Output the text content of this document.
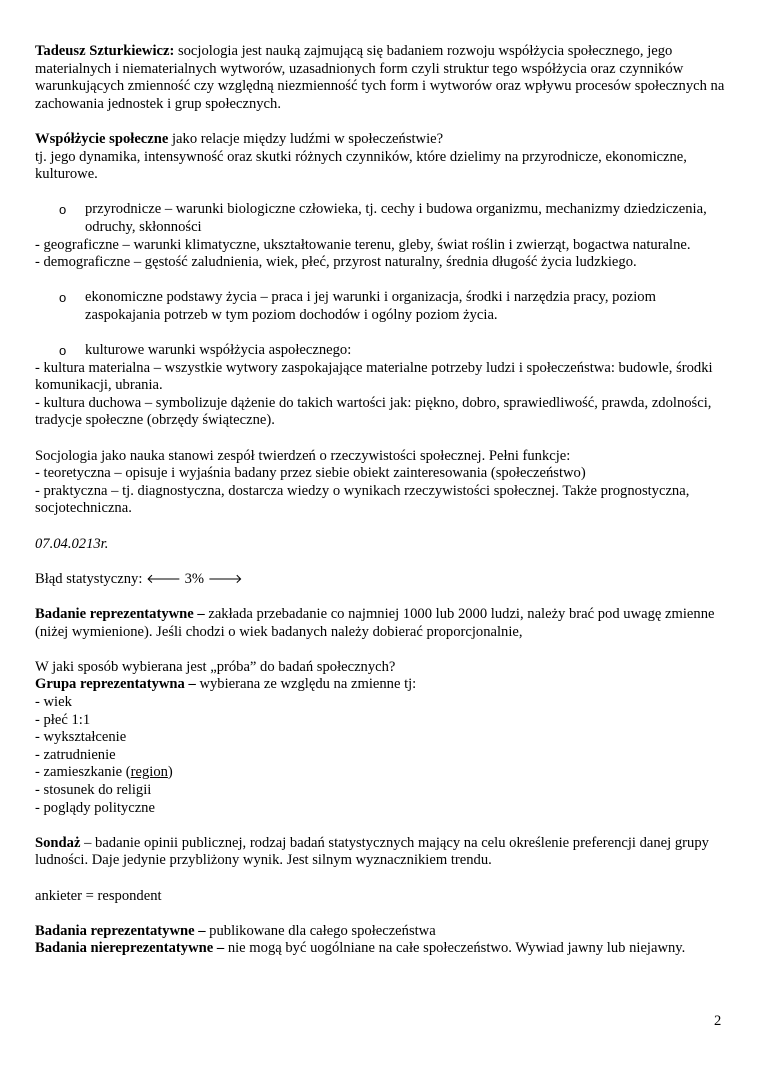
Tadeusz Szturkiewicz: socjologia jest nauką zajmującą się badaniem rozwoju współżycia społecznego, jego materialnych i niematerialnych wytworów, uzasadnionych form czyli struktur tego współżycia oraz czynników warunkujących zmienność czy względną niezmienność tych form i wytworów oraz wpływu procesów społecznych na zachowania jednostek i grup społecznych.

Współżycie społeczne jako relacje między ludźmi w społeczeństwie?

tj. jego dynamika, intensywność oraz skutki różnych czynników, które dzielimy na przyrodnicze, ekonomiczne, kulturowe.

o przyrodnicze – warunki biologiczne człowieka, tj. cechy i budowa organizmu, mechanizmy dziedziczenia, odruchy, skłonności

- geograficzne – warunki klimatyczne, ukształtowanie terenu, gleby, świat roślin i zwierząt, bogactwa naturalne.

- demograficzne – gęstość zaludnienia, wiek, płeć, przyrost naturalny, średnia długość życia ludzkiego.

o ekonomiczne podstawy życia – praca i jej warunki i organizacja, środki i narzędzia pracy, poziom zaspokajania potrzeb w tym poziom dochodów i ogólny poziom życia.

o kulturowe warunki współżycia aspołecznego:

- kultura materialna – wszystkie wytwory zaspokajające materialne potrzeby ludzi i społeczeństwa: budowle, środki komunikacji, ubrania.

- kultura duchowa – symbolizuje dążenie do takich wartości jak: piękno, dobro, sprawiedliwość, prawda, zdolności, tradycje społeczne (obrzędy świąteczne).

Socjologia jako nauka stanowi zespół twierdzeń o rzeczywistości społecznej. Pełni funkcje:

- teoretyczna – opisuje i wyjaśnia badany przez siebie obiekt zainteresowania (społeczeństwo)

- praktyczna – tj. diagnostyczna, dostarcza wiedzy o wynikach rzeczywistości społecznej. Także prognostyczna, socjotechniczna.

07.04.0213r.

Błąd statystyczny: 🡐 3% 🡒

Badanie reprezentatywne – zakłada przebadanie co najmniej 1000 lub 2000 ludzi, należy brać pod uwagę zmienne (niżej wymienione). Jeśli chodzi o wiek badanych należy dobierać proporcjonalnie,

W jaki sposób wybierana jest „próba” do badań społecznych?

Grupa reprezentatywna – wybierana ze względu na zmienne tj:

- wiek

- płeć 1:1

- wykształcenie

- zatrudnienie

- zamieszkanie (region)

- stosunek do religii

- poglądy polityczne

Sondaż – badanie opinii publicznej, rodzaj badań statystycznych mający na celu określenie preferencji danej grupy ludności. Daje jedynie przybliżony wynik. Jest silnym wyznacznikiem trendu.

ankieter = respondent

Badania reprezentatywne – publikowane dla całego społeczeństwa

Badania niereprezentatywne – nie mogą być uogólniane na całe społeczeństwo. Wywiad jawny lub niejawny.

2
